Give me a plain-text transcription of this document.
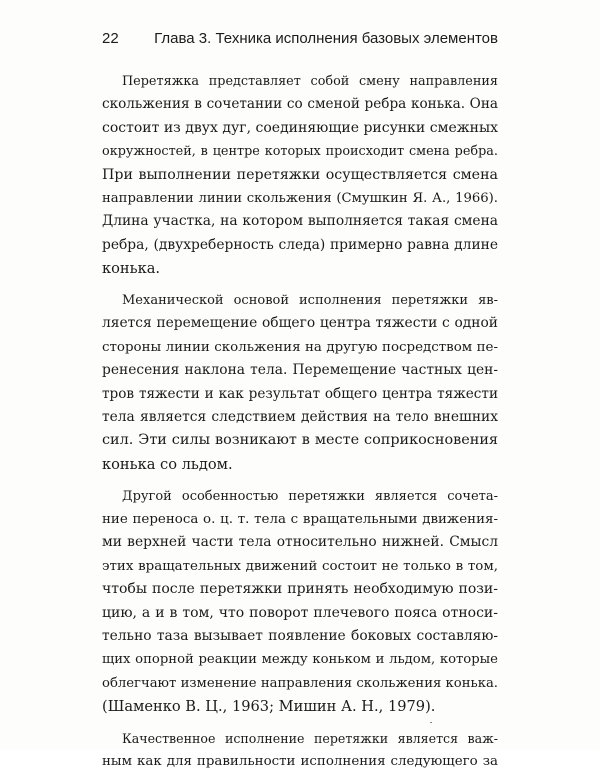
22 Глава 3. Техника исполнения базовых элементов

Перетяжка представляет собой смену направления
скольжения в сочетании со сменой ребра конька. Она
состоит из двух дуг, соединяющие рисунки смежных
окружностей, в центре которых происходит смена ребра.
При выполнении перетяжки осуществляется смена
направлении линии скольжения (Смушкин Я. А., 1966).
Длина участка, на котором выполняется такая смена
ребра, (двухреберность следа) примерно равна длине
конька.

Механической основой исполнения перетяжки яв-
ляется перемещение общего центра тяжести с одной
стороны линии скольжения на другую посредством пе-
ренесения наклона тела. Перемещение частных цен-
тров тяжести и как результат общего центра тяжести
тела является следствием действия на тело внешних
сил. Эти силы возникают в месте соприкосновения
конька со льдом.

Другой особенностью перетяжки является сочета-
ние переноса о. ц. т. тела с вращательными движения-
ми верхней части тела относительно нижней. Смысл
этих вращательных движений состоит не только в том,
чтобы после перетяжки принять необходимую пози-
цию, а и в том, что поворот плечевого пояса относи-
тельно таза вызывает появление боковых составляю-
щих опорной реакции между коньком и льдом, которые
облегчают изменение направления скольжения конька.
(Шаменко В. Ц., 1963; Мишин А. Н., 1979).

Качественное исполнение перетяжки является важ-
ным как для правильности исполнения следующего за
